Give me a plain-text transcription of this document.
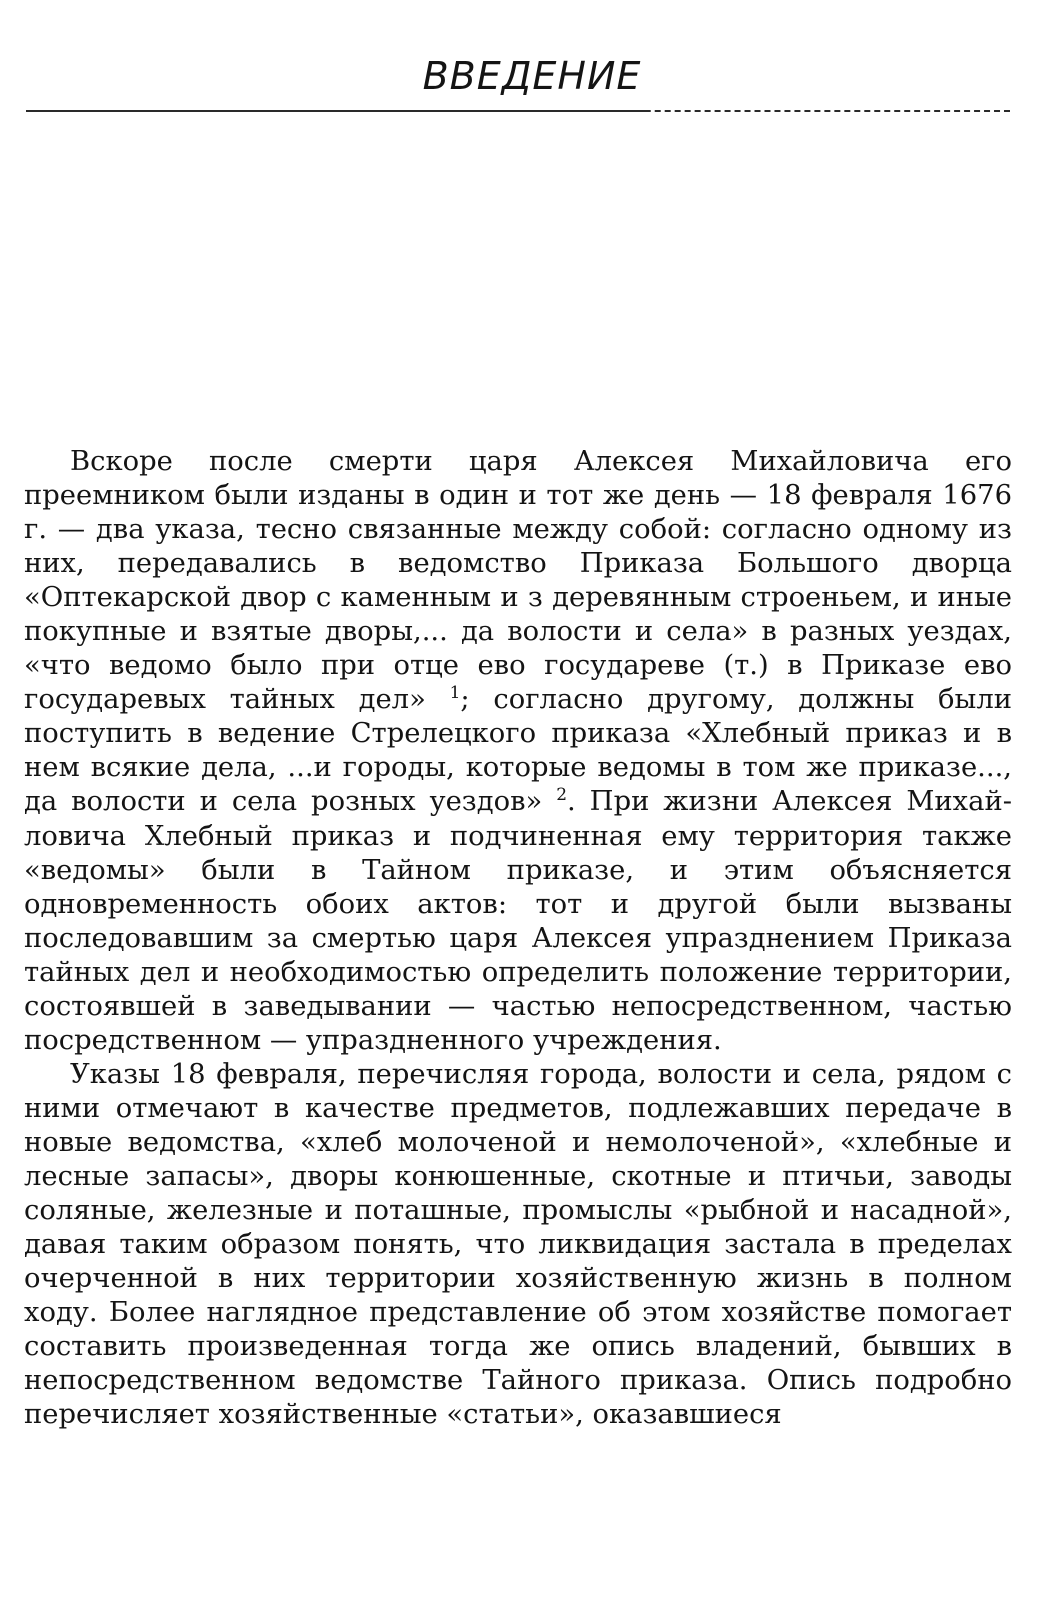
ВВЕДЕНИЕ

Вскоре после смерти царя Алексея Михайловича его преемником были изданы в один и тот же день — 18 февраля 1676 г. — два указа, тесно связанные между собой: согласно одному из них, передавались в ведомство Приказа Большого дворца «Оптекарской двор с каменным и з деревянным строеньем, и иные покупные и взятые дворы,... да волости и села» в разных уездах, «что ведомо было при отце ево государеве (т.) в Приказе ево государевых тайных дел» $^1$; согласно другому, должны были поступить в ведение Стрелецкого приказа «Хлебный приказ и в нем всякие дела, ...и городы, которые ведомы в том же приказе..., да волости и села розных уездов» $^2$. При жизни Алексея Михайловича Хлебный приказ и подчиненная ему территория также «ведомы» были в Тайном приказе, и этим объясняется одновременность обоих актов: тот и другой были вызваны последовавшим за смертью царя Алексея упразднением Приказа тайных дел и необходимостью определить положение территории, состоявшей в заведывании — частью непосредственном, частью посредственном — упраздненного учреждения.

Указы 18 февраля, перечисляя города, волости и села, рядом с ними отмечают в качестве предметов, подлежавших передаче в новые ведомства, «хлеб молоченой и немолоченой», «хлебные и лесные запасы», дворы конюшенные, скотные и птичьи, заводы соляные, железные и поташные, промыслы «рыбной и насадной», давая таким образом понять, что ликвидация застала в пределах очерченной в них территории хозяйственную жизнь в полном ходу. Более наглядное представление об этом хозяйстве помогает составить произведенная тогда же опись владений, бывших в непосредственном ведомстве Тайного приказа. Опись подробно перечисляет хозяйственные «статьи», оказавшиеся
